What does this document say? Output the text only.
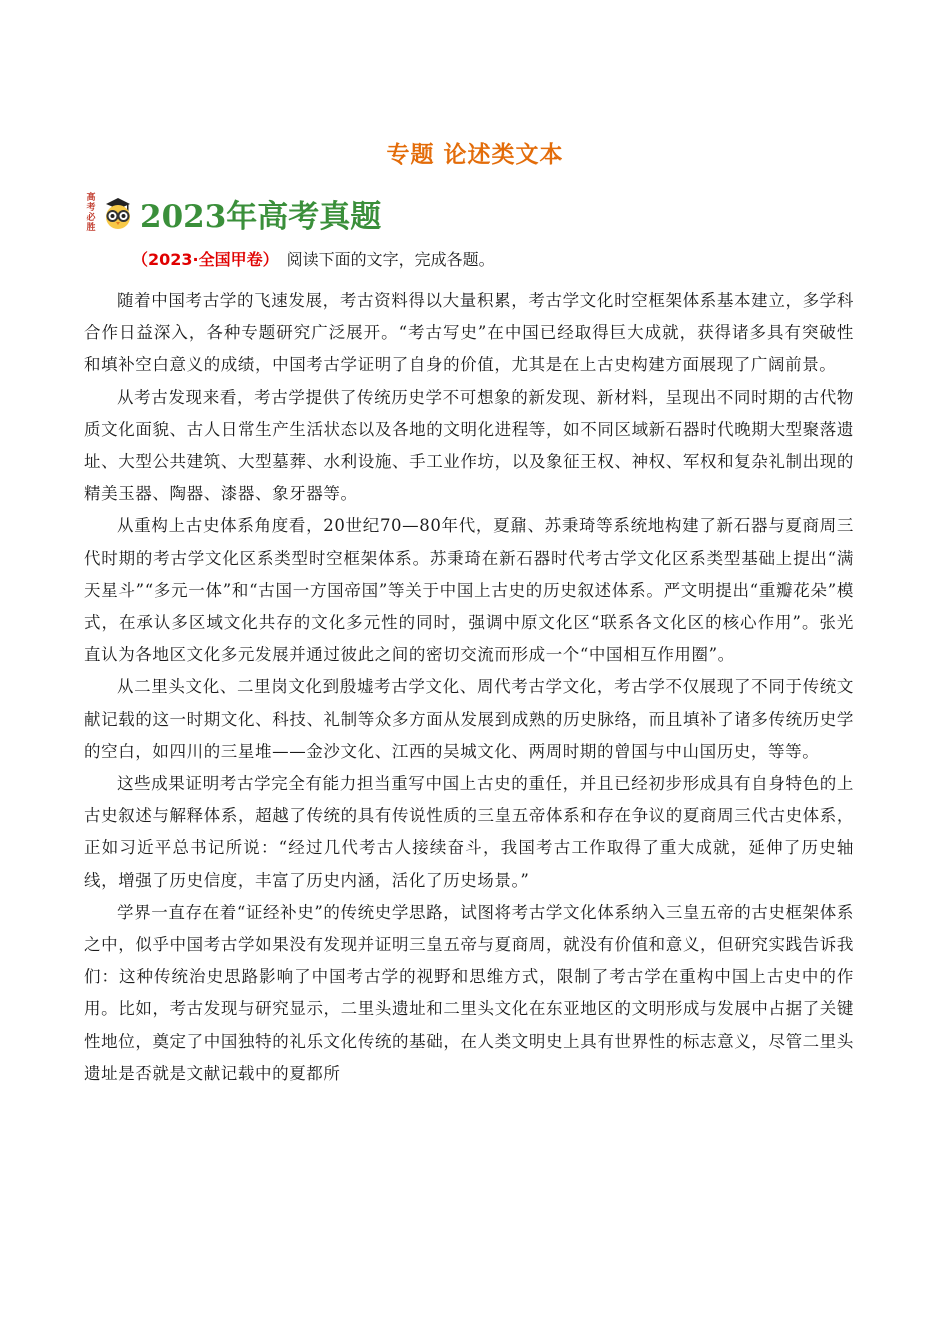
专题 论述类文本
高考必胜 2023年高考真题
（2023·全国甲卷） 阅读下面的文字，完成各题。

随着中国考古学的飞速发展，考古资料得以大量积累，考古学文化时空框架体系基本建立，多学科合作日益深入，各种专题研究广泛展开。“考古写史”在中国已经取得巨大成就，获得诸多具有突破性和填补空白意义的成绩，中国考古学证明了自身的价值，尤其是在上古史构建方面展现了广阔前景。

从考古发现来看，考古学提供了传统历史学不可想象的新发现、新材料，呈现出不同时期的古代物质文化面貌、古人日常生产生活状态以及各地的文明化进程等，如不同区域新石器时代晚期大型聚落遗址、大型公共建筑、大型墓葬、水利设施、手工业作坊，以及象征王权、神权、军权和复杂礼制出现的精美玉器、陶器、漆器、象牙器等。

从重构上古史体系角度看，20世纪70—80年代，夏鼐、苏秉琦等系统地构建了新石器与夏商周三代时期的考古学文化区系类型时空框架体系。苏秉琦在新石器时代考古学文化区系类型基础上提出“满天星斗”“多元一体”和“古国一方国帝国”等关于中国上古史的历史叙述体系。严文明提出“重瓣花朵”模式，在承认多区域文化共存的文化多元性的同时，强调中原文化区“联系各文化区的核心作用”。张光直认为各地区文化多元发展并通过彼此之间的密切交流而形成一个“中国相互作用圈”。

从二里头文化、二里岗文化到殷墟考古学文化、周代考古学文化，考古学不仅展现了不同于传统文献记载的这一时期文化、科技、礼制等众多方面从发展到成熟的历史脉络，而且填补了诸多传统历史学的空白，如四川的三星堆——金沙文化、江西的吴城文化、两周时期的曾国与中山国历史，等等。

这些成果证明考古学完全有能力担当重写中国上古史的重任，并且已经初步形成具有自身特色的上古史叙述与解释体系，超越了传统的具有传说性质的三皇五帝体系和存在争议的夏商周三代古史体系，正如习近平总书记所说：“经过几代考古人接续奋斗，我国考古工作取得了重大成就，延伸了历史轴线，增强了历史信度，丰富了历史内涵，活化了历史场景。”

学界一直存在着“证经补史”的传统史学思路，试图将考古学文化体系纳入三皇五帝的古史框架体系之中，似乎中国考古学如果没有发现并证明三皇五帝与夏商周，就没有价值和意义，但研究实践告诉我们：这种传统治史思路影响了中国考古学的视野和思维方式，限制了考古学在重构中国上古史中的作用。比如，考古发现与研究显示，二里头遗址和二里头文化在东亚地区的文明形成与发展中占据了关键性地位，奠定了中国独特的礼乐文化传统的基础，在人类文明史上具有世界性的标志意义，尽管二里头遗址是否就是文献记载中的夏都所
